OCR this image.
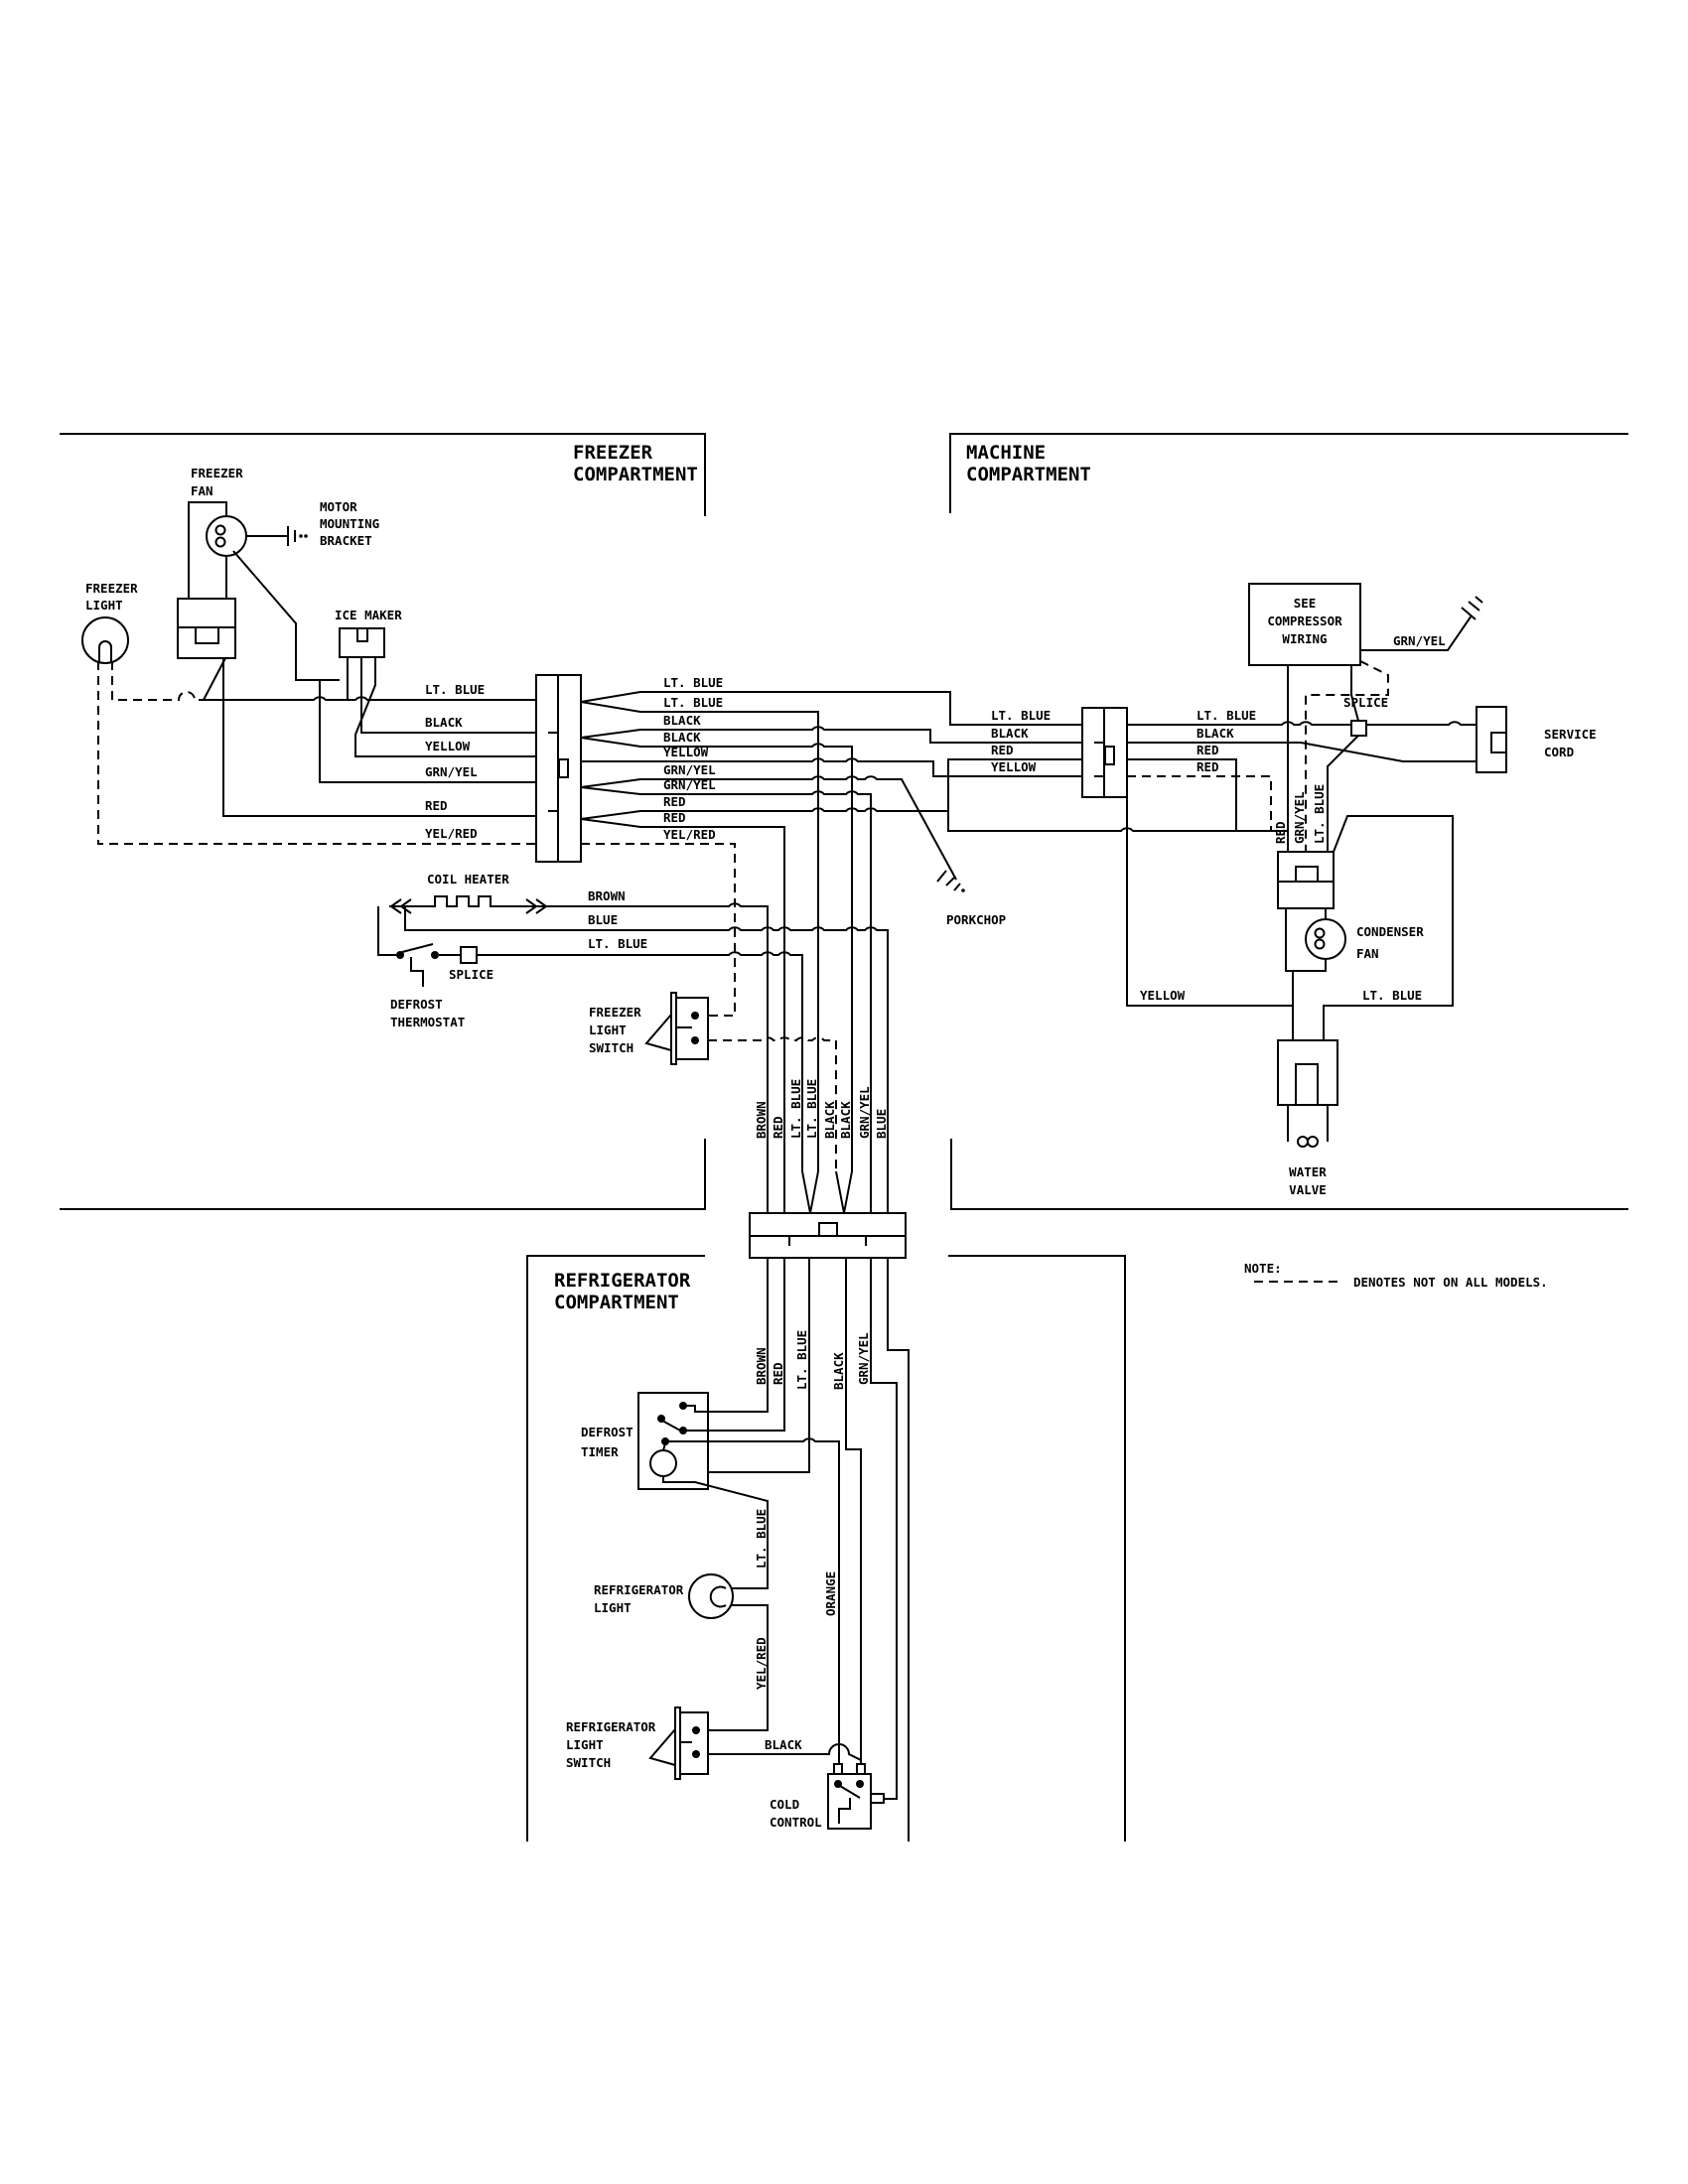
FREEZER
COMPARTMENT
MACHINE
COMPARTMENT
REFRIGERATOR
COMPARTMENT
FREEZER
FAN
MOTOR
MOUNTING
BRACKET
FREEZER
LIGHT
ICE MAKER
LT. BLUE
BLACK
YELLOW
GRN/YEL
RED
YEL/RED
PORKCHOP
LT. BLUE
LT. BLUE
BLACK
BLACK
YELLOW
GRN/YEL
GRN/YEL
RED
RED
YEL/RED
COIL HEATER
BROWN
BLUE
LT. BLUE
SPLICE
DEFROST
THERMOSTAT
FREEZER
LIGHT
SWITCH
BROWN RED LT. BLUE LT. BLUE BLACK BLACK GRN/YEL BLUE
BROWN RED LT. BLUE BLACK GRN/YEL
DEFROST
TIMER
LT. BLUE
ORANGE
REFRIGERATOR
LIGHT
YEL/RED
REFRIGERATOR
LIGHT
SWITCH
BLACK
COLD
CONTROL
LT. BLUE
BLACK
RED
YELLOW
LT. BLUE
BLACK
RED
RED
SEE
COMPRESSOR
WIRING	GRN/YEL
SPLICE
SERVICE
CORD
RED GRN/YEL LT. BLUE
CONDENSER
FAN
YELLOW	LT. BLUE
WATER
VALVE
NOTE:
DENOTES NOT ON ALL MODELS.
